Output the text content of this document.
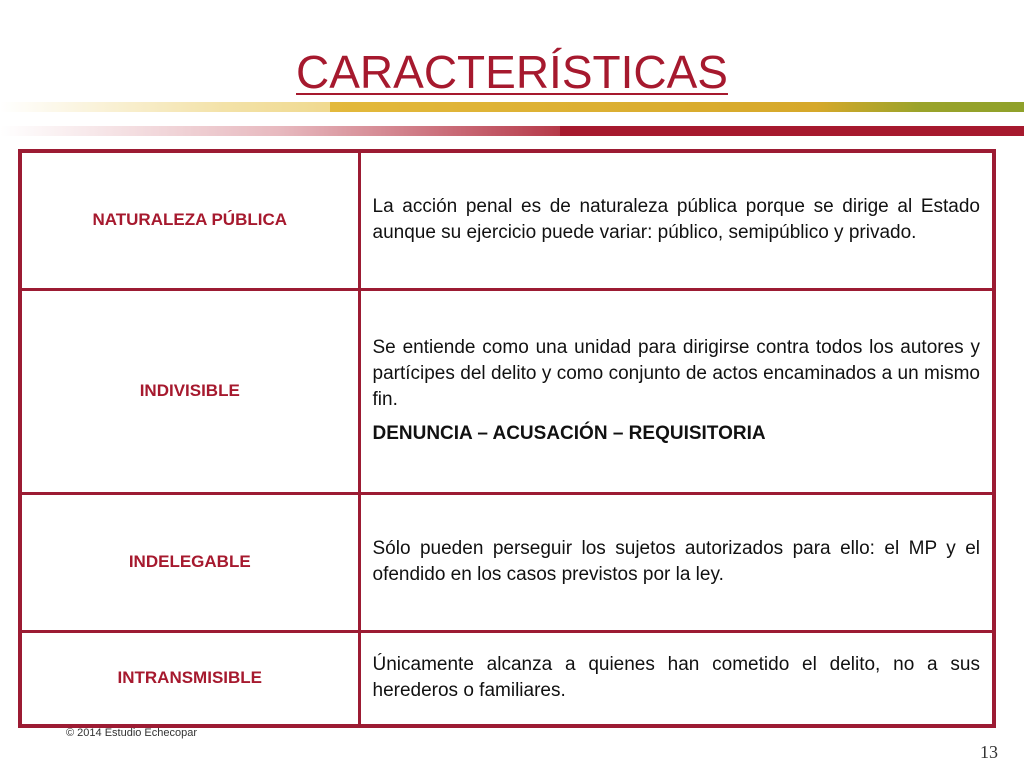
CARACTERÍSTICAS
NATURALEZA PÚBLICA	La acción penal es de naturaleza pública porque se dirige al Estado aunque su ejercicio puede variar: público, semipúblico y privado.

INDIVISIBLE	Se entiende como una unidad para dirigirse contra todos los autores y partícipes del delito y como conjunto de actos encaminados a un mismo fin.
DENUNCIA – ACUSACIÓN – REQUISITORIA

INDELEGABLE	Sólo pueden perseguir los sujetos autorizados para ello: el MP y el ofendido en los casos previstos por la ley.

INTRANSMISIBLE	Únicamente alcanza a quienes han cometido el delito, no a sus herederos o familiares.
© 2014 Estudio Echecopar
13
